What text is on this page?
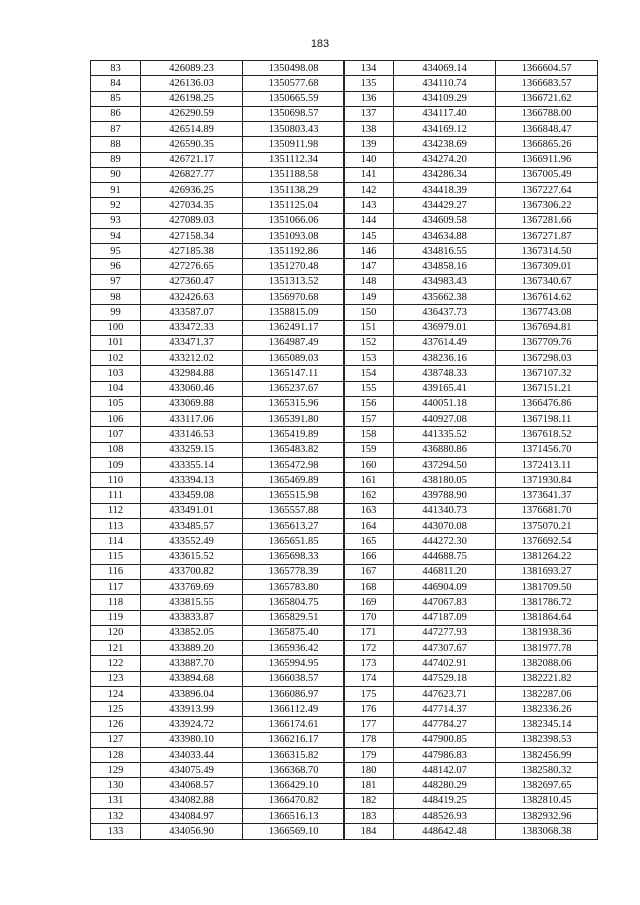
183
83	426089.23	1350498.08
84	426136.03	1350577.68
85	426198.25	1350665.59
86	426290.59	1350698.57
87	426514.89	1350803.43
88	426590.35	1350911.98
89	426721.17	1351112.34
90	426827.77	1351188.58
91	426936.25	1351138.29
92	427034.35	1351125.04
93	427089.03	1351066.06
94	427158.34	1351093.08
95	427185.38	1351192.86
96	427276.65	1351270.48
97	427360.47	1351313.52
98	432426.63	1356970.68
99	433587.07	1358815.09
100	433472.33	1362491.17
101	433471.37	1364987.49
102	433212.02	1365089.03
103	432984.88	1365147.11
104	433060.46	1365237.67
105	433069.88	1365315.96
106	433117.06	1365391.80
107	433146.53	1365419.89
108	433259.15	1365483.82
109	433355.14	1365472.98
110	433394.13	1365469.89
111	433459.08	1365515.98
112	433491.01	1365557.88
113	433485.57	1365613.27
114	433552.49	1365651.85
115	433615.52	1365698.33
116	433700.82	1365778.39
117	433769.69	1365783.80
118	433815.55	1365804.75
119	433833.87	1365829.51
120	433852.05	1365875.40
121	433889.20	1365936.42
122	433887.70	1365994.95
123	433894.68	1366038.57
124	433896.04	1366086.97
125	433913.99	1366112.49
126	433924.72	1366174.61
127	433980.10	1366216.17
128	434033.44	1366315.82
129	434075.49	1366368.70
130	434068.57	1366429.10
131	434082.88	1366470.82
132	434084.97	1366516.13
133	434056.90	1366569.10
134	434069.14	1366604.57
135	434110.74	1366683.57
136	434109.29	1366721.62
137	434117.40	1366788.00
138	434169.12	1366848.47
139	434238.69	1366865.26
140	434274.20	1366911.96
141	434286.34	1367005.49
142	434418.39	1367227.64
143	434429.27	1367306.22
144	434609.58	1367281.66
145	434634.88	1367271.87
146	434816.55	1367314.50
147	434858.16	1367309.01
148	434983.43	1367340.67
149	435662.38	1367614.62
150	436437.73	1367743.08
151	436979.01	1367694.81
152	437614.49	1367709.76
153	438236.16	1367298.03
154	438748.33	1367107.32
155	439165.41	1367151.21
156	440051.18	1366476.86
157	440927.08	1367198.11
158	441335.52	1367618.52
159	436880.86	1371456.70
160	437294.50	1372413.11
161	438180.05	1371930.84
162	439788.90	1373641.37
163	441340.73	1376681.70
164	443070.08	1375070.21
165	444272.30	1376692.54
166	444688.75	1381264.22
167	446811.20	1381693.27
168	446904.09	1381709.50
169	447067.83	1381786.72
170	447187.09	1381864.64
171	447277.93	1381938.36
172	447307.67	1381977.78
173	447402.91	1382088.06
174	447529.18	1382221.82
175	447623.71	1382287.06
176	447714.37	1382336.26
177	447784.27	1382345.14
178	447900.85	1382398.53
179	447986.83	1382456.99
180	448142.07	1382580.32
181	448280.29	1382697.65
182	448419.25	1382810.45
183	448526.93	1382932.96
184	448642.48	1383068.38
